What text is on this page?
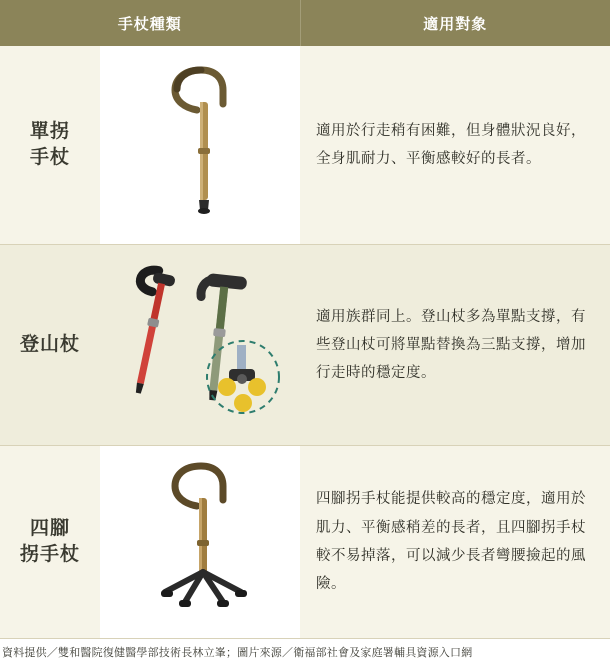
手杖種類		適用對象

單拐
手杖		適用於行走稍有困難，但身體狀況良好，全身肌耐力、平衡感較好的長者。

登山杖		適用族群同上。登山杖多為單點支撐，有些登山杖可將單點替換為三點支撐，增加行走時的穩定度。

四腳
拐手杖		四腳拐手杖能提供較高的穩定度，適用於肌力、平衡感稍差的長者，且四腳拐手杖較不易掉落，可以減少長者彎腰撿起的風險。
資料提供／雙和醫院復健醫學部技術長林立峯；圖片來源／衛福部社會及家庭署輔具資源入口網
